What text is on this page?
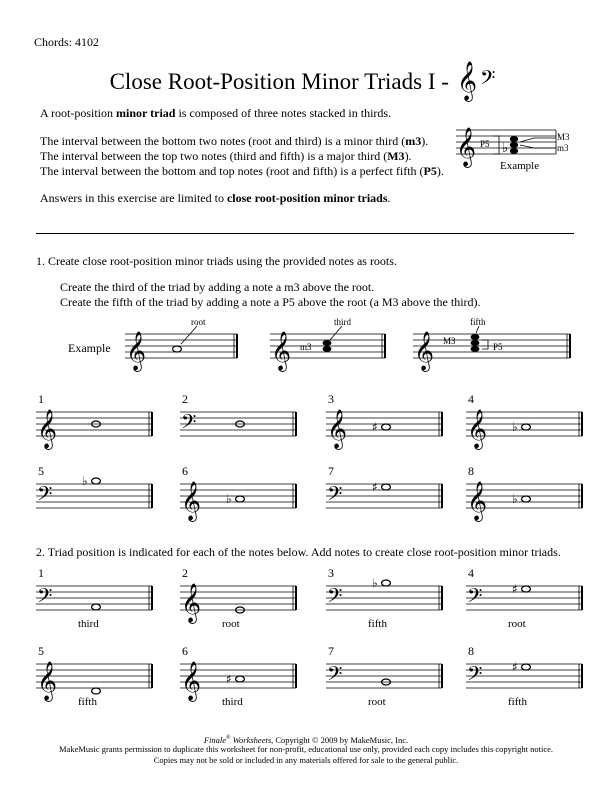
Chords: 4102
Close Root-Position Minor Triads I - 𝄞
𝄢
A root-position minor triad is composed of three notes stacked in thirds.
The interval between the bottom two notes (root and third) is a minor third (m3).
The interval between the top two notes (third and fifth) is a major third (M3).
The interval between the bottom and top notes (root and fifth) is a perfect fifth (P5).
Answers in this exercise are limited to close root-position minor triads.
𝄞 P5 ♭
M3
m3
Example
1. Create close root-position minor triads using the provided notes as roots.
Create the third of the triad by adding a note a m3 above the root.
Create the fifth of the triad by adding a note a P5 above the root (a M3 above the third).
Example 𝄞
root
𝄞 m3
third
𝄞 M3
P5
fifth
1
𝄞
2
𝄢
3
𝄞 ♯
4
𝄞 ♭
5
𝄢
♭
6
𝄞 ♭
7
𝄢 ♯
8
𝄞 ♭
2. Triad position is indicated for each of the notes below. Add notes to create close root-position minor triads.
1
𝄢
third
2
𝄞
root
3
𝄢
♭
fifth
4
𝄢 ♯
root
5
𝄞
fifth
6
𝄞 ♯
third
7
𝄢
root
8
𝄢 ♯
fifth
Finale® Worksheets, Copyright © 2009 by MakeMusic, Inc.
MakeMusic grants permission to duplicate this worksheet for non-profit, educational use only, provided each copy includes this copyright notice.
Copies may not be sold or included in any materials offered for sale to the general public.
